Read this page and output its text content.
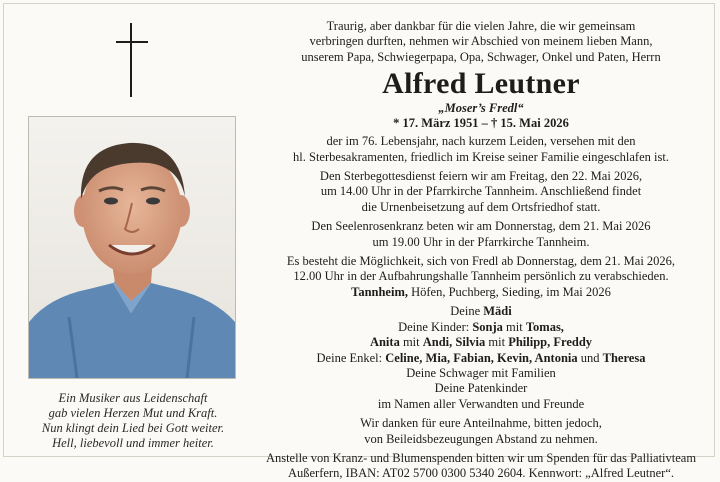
Ein Musiker aus Leidenschaft
gab vielen Herzen Mut und Kraft.
Nun klingt dein Lied bei Gott weiter.
Hell, liebevoll und immer heiter.
Traurig, aber dankbar für die vielen Jahre, die wir gemeinsam
verbringen durften, nehmen wir Abschied von meinem lieben Mann,
unserem Papa, Schwiegerpapa, Opa, Schwager, Onkel und Paten, Herrn
Alfred Leutner
„Moser’s Fredl“
* 17. März 1951 – † 15. Mai 2026
der im 76. Lebensjahr, nach kurzem Leiden, versehen mit den
hl. Sterbesakramenten, friedlich im Kreise seiner Familie eingeschlafen ist.
Den Sterbegottesdienst feiern wir am Freitag, den 22. Mai 2026,
um 14.00 Uhr in der Pfarrkirche Tannheim. Anschließend findet
die Urnenbeisetzung auf dem Ortsfriedhof statt.
Den Seelenrosenkranz beten wir am Donnerstag, dem 21. Mai 2026
um 19.00 Uhr in der Pfarrkirche Tannheim.
Es besteht die Möglichkeit, sich von Fredl ab Donnerstag, dem 21. Mai 2026,
12.00 Uhr in der Aufbahrungshalle Tannheim persönlich zu verabschieden.
Tannheim, Höfen, Puchberg, Sieding, im Mai 2026
Deine Mädi
Deine Kinder: Sonja mit Tomas,
Anita mit Andi, Silvia mit Philipp, Freddy
Deine Enkel: Celine, Mia, Fabian, Kevin, Antonia und Theresa
Deine Schwager mit Familien
Deine Patenkinder
im Namen aller Verwandten und Freunde
Wir danken für eure Anteilnahme, bitten jedoch,
von Beileidsbezeugungen Abstand zu nehmen.
Anstelle von Kranz- und Blumenspenden bitten wir um Spenden für das Palliativteam
Außerfern, IBAN: AT02 5700 0300 5340 2604. Kennwort: „Alfred Leutner“.
